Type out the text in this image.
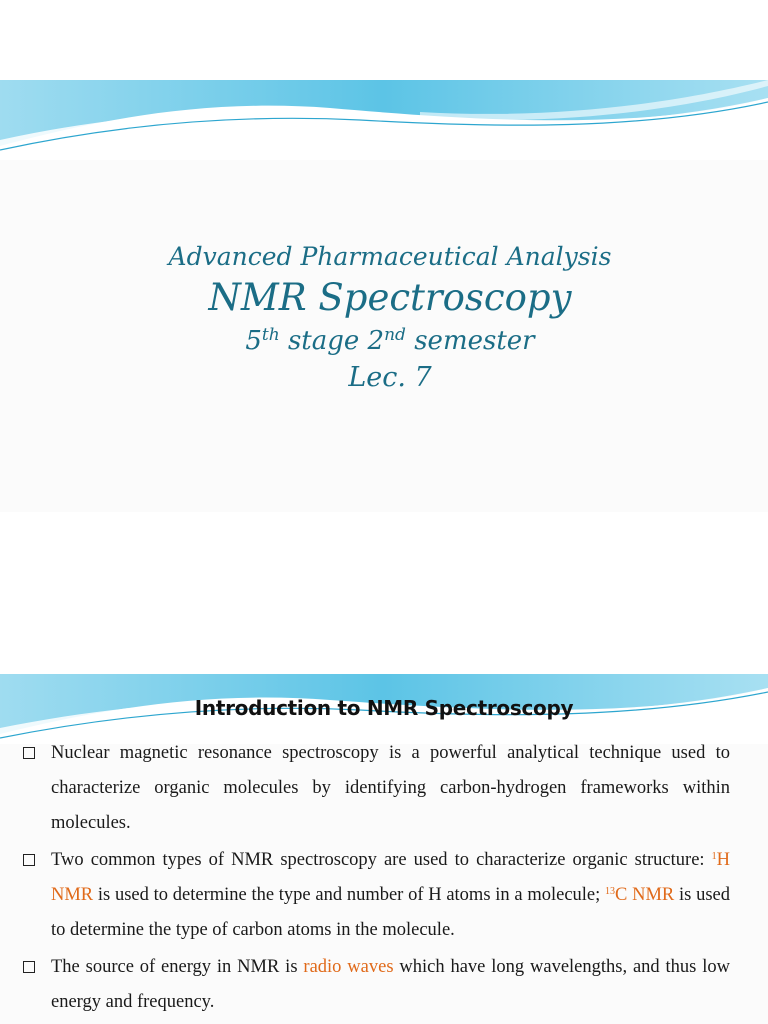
Advanced Pharmaceutical Analysis
NMR Spectroscopy
5th stage 2nd semester
Lec. 7
Introduction to NMR Spectroscopy
Nuclear magnetic resonance spectroscopy is a powerful analytical technique used to characterize organic molecules by identifying carbon-hydrogen frameworks within molecules.
Two common types of NMR spectroscopy are used to characterize organic structure: $^1$H NMR is used to determine the type and number of H atoms in a molecule; $^{13}$C NMR is used to determine the type of carbon atoms in the molecule.
The source of energy in NMR is radio waves which have long wavelengths, and thus low energy and frequency.
